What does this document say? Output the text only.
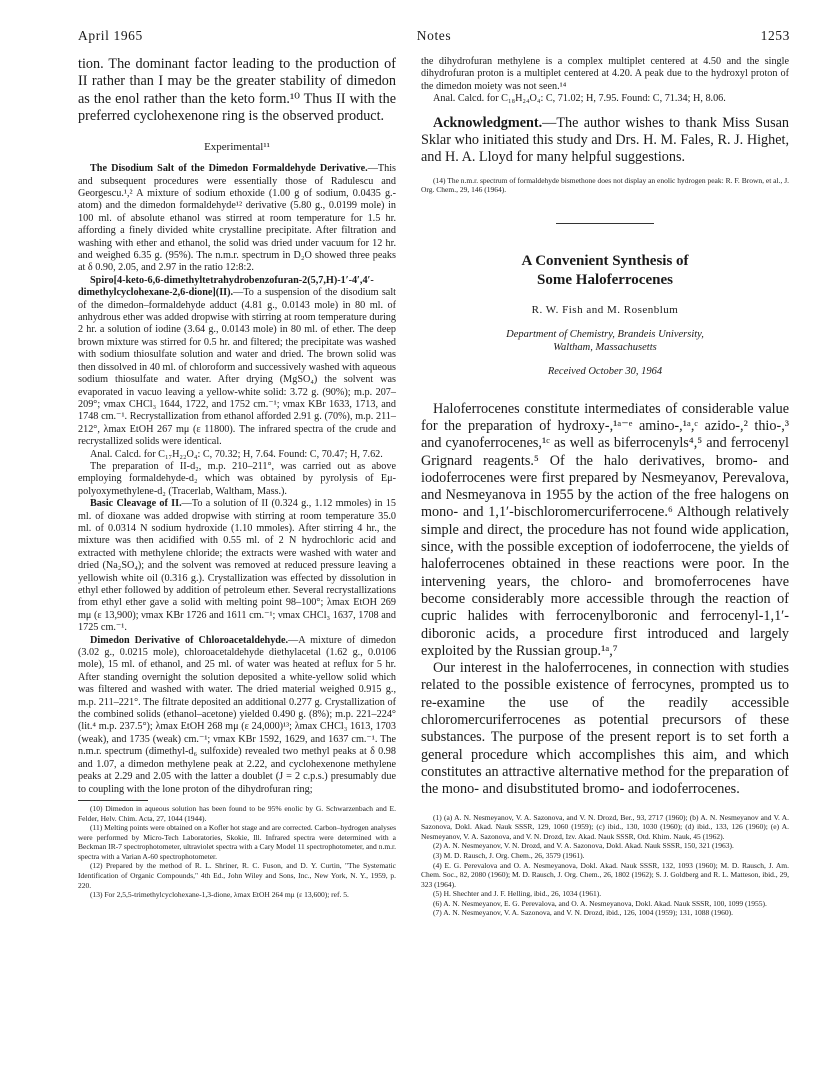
April 1965	Notes	1253

tion. The dominant factor leading to the production of II rather than I may be the greater stability of dimedon as the enol rather than the keto form.¹⁰ Thus II with the preferred cyclohexenone ring is the observed product.

Experimental¹¹

The Disodium Salt of the Dimedon Formaldehyde Derivative.—This and subsequent procedures were essentially those of Radulescu and Georgescu.¹,² A mixture of sodium ethoxide (1.00 g of sodium, 0.0435 g.-atom) and the dimedon formaldehyde¹² derivative (5.80 g., 0.0199 mole) in 100 ml. of absolute ethanol was stirred at room temperature for 1.5 hr. affording a finely divided white crystalline precipitate. After filtration and washing with ether and ethanol, the solid was dried under vacuum for 12 hr. and weighed 6.35 g. (95%). The n.m.r. spectrum in D₂O showed three peaks at δ 0.90, 2.05, and 2.97 in the ratio 12:8:2.

Spiro[4-keto-6,6-dimethyltetrahydrobenzofuran-2(5,7,H)-1′-4′,4′-dimethylcyclohexane-2,6-dione](II).—To a suspension of the disodium salt of the dimedon–formaldehyde adduct (4.81 g., 0.0143 mole) in 80 ml. of anhydrous ether was added dropwise with stirring at room temperature during 2 hr. a solution of iodine (3.64 g., 0.0143 mole) in 80 ml. of ether. The deep brown mixture was stirred for 0.5 hr. and filtered; the precipitate was washed with sodium thiosulfate solution and water and dried. The brown solid was then dissolved in 40 ml. of chloroform and successively washed with aqueous sodium thiosulfate and water. After drying (MgSO₄) the solvent was evaporated in vacuo leaving a yellow-white solid: 3.72 g. (90%); m.p. 207–209°; νmax CHCl₃ 1644, 1722, and 1752 cm.⁻¹; νmax KBr 1633, 1713, and 1748 cm.⁻¹. Recrystallization from ethanol afforded 2.91 g. (70%), m.p. 211–212°, λmax EtOH 267 mμ (ε 11800). The infrared spectra of the crude and recrystallized solids were identical.

Anal. Calcd. for C₁₇H₂₂O₄: C, 70.32; H, 7.64. Found: C, 70.47; H, 7.62.

The preparation of II-d₂, m.p. 210–211°, was carried out as above employing formaldehyde-d₂ which was obtained by pyrolysis of Eμ-polyoxymethylene-d₂ (Tracerlab, Waltham, Mass.).

Basic Cleavage of II.—To a solution of II (0.324 g., 1.12 mmoles) in 15 ml. of dioxane was added dropwise with stirring at room temperature 35.0 ml. of 0.0314 N sodium hydroxide (1.10 mmoles). After stirring 4 hr., the mixture was then acidified with 0.55 ml. of 2 N hydrochloric acid and extracted with methylene chloride; the extracts were washed with water and dried (Na₂SO₄); and the solvent was removed at reduced pressure leaving a yellowish white oil (0.316 g.). Crystallization was effected by dissolution in ethyl ether followed by addition of petroleum ether. Several recrystallizations from ethyl ether gave a solid with melting point 98–100°; λmax EtOH 269 mμ (ε 13,900); νmax KBr 1726 and 1611 cm.⁻¹; νmax CHCl₃ 1637, 1708 and 1725 cm.⁻¹.

Dimedon Derivative of Chloroacetaldehyde.—A mixture of dimedon (3.02 g., 0.0215 mole), chloroacetaldehyde diethylacetal (1.62 g., 0.0106 mole), 15 ml. of ethanol, and 25 ml. of water was heated at reflux for 5 hr. After standing overnight the solution deposited a white-yellow solid which was filtered and washed with water. The dried material weighed 0.915 g., m.p. 211–221°. The filtrate deposited an additional 0.277 g. Crystallization of the combined solids (ethanol–acetone) yielded 0.490 g. (8%); m.p. 221–224° (lit.⁴ m.p. 237.5°); λmax EtOH 268 mμ (ε 24,000)¹³; λmax CHCl₃ 1613, 1703 (weak), and 1735 (weak) cm.⁻¹; νmax KBr 1592, 1629, and 1637 cm.⁻¹. The n.m.r. spectrum (dimethyl-d₆ sulfoxide) revealed two methyl peaks at δ 0.98 and 1.07, a dimedon methylene peak at 2.22, and cyclohexenone methylene peaks at 2.29 and 2.05 with the latter a doublet (J = 2 c.p.s.) presumably due to coupling with the lone proton of the dihydrofuran ring;

(10) Dimedon in aqueous solution has been found to be 95% enolic by G. Schwarzenbach and E. Felder, Helv. Chim. Acta, 27, 1044 (1944).

(11) Melting points were obtained on a Kofler hot stage and are corrected. Carbon–hydrogen analyses were performed by Micro-Tech Laboratories, Skokie, Ill. Infrared spectra were determined with a Beckman IR-7 spectrophotometer, ultraviolet spectra with a Cary Model 11 spectrophotometer, and n.m.r. spectra with a Varian A-60 spectrophotometer.

(12) Prepared by the method of R. L. Shriner, R. C. Fuson, and D. Y. Curtin, "The Systematic Identification of Organic Compounds," 4th Ed., John Wiley and Sons, Inc., New York, N. Y., 1959, p. 220.

(13) For 2,5,5-trimethylcyclohexane-1,3-dione, λmax EtOH 264 mμ (ε 13,600); ref. 5.

the dihydrofuran methylene is a complex multiplet centered at 4.50 and the single dihydrofuran proton is a multiplet centered at 4.20. A peak due to the hydroxyl proton of the dimedon moiety was not seen.¹⁴

Anal. Calcd. for C₁₈H₂₄O₄: C, 71.02; H, 7.95. Found: C, 71.34; H, 8.06.

Acknowledgment.—The author wishes to thank Miss Susan Sklar who initiated this study and Drs. H. M. Fales, R. J. Highet, and H. A. Lloyd for many helpful suggestions.

(14) The n.m.r. spectrum of formaldehyde bismethone does not display an enolic hydrogen peak: R. F. Brown, et al., J. Org. Chem., 29, 146 (1964).

A Convenient Synthesis of
Some Haloferrocenes
R. W. Fish and M. Rosenblum
Department of Chemistry, Brandeis University,
Waltham, Massachusetts
Received October 30, 1964

Haloferrocenes constitute intermediates of considerable value for the preparation of hydroxy-,¹ᵃ⁻ᵉ amino-,¹ᵃ,ᶜ azido-,² thio-,³ and cyanoferrocenes,¹ᶜ as well as biferrocenyls⁴,⁵ and ferrocenyl Grignard reagents.⁵ Of the halo derivatives, bromo- and iodoferrocenes were first prepared by Nesmeyanov, Perevalova, and Nesmeyanova in 1955 by the action of the free halogens on mono- and 1,1′-bischloromercuriferrocene.⁶ Although relatively simple and direct, the procedure has not found wide application, since, with the possible exception of iodoferrocene, the yields of haloferrocenes obtained in these reactions were poor. In the intervening years, the chloro- and bromoferrocenes have become considerably more accessible through the reaction of cupric halides with ferrocenylboronic and ferrocenyl-1,1′-diboronic acids, a procedure first introduced and largely exploited by the Russian group.¹ᵃ,⁷

Our interest in the haloferrocenes, in connection with studies related to the possible existence of ferrocynes, prompted us to re-examine the use of the readily accessible chloromercuriferrocenes as potential precursors of these substances. The purpose of the present report is to set forth a general procedure which accomplishes this aim, and which constitutes an attractive alternative method for the preparation of the mono- and disubstituted bromo- and iodoferrocenes.

(1) (a) A. N. Nesmeyanov, V. A. Sazonova, and V. N. Drozd, Ber., 93, 2717 (1960); (b) A. N. Nesmeyanov and V. A. Sazonova, Dokl. Akad. Nauk SSSR, 129, 1060 (1959); (c) ibid., 130, 1030 (1960); (d) ibid., 133, 126 (1960); (e) A. Nesmeyanov, V. A. Sazonova, and V. N. Drozd, Izv. Akad. Nauk SSSR, Otd. Khim. Nauk, 45 (1962).

(2) A. N. Nesmeyanov, V. N. Drozd, and V. A. Sazonova, Dokl. Akad. Nauk SSSR, 150, 321 (1963).

(3) M. D. Rausch, J. Org. Chem., 26, 3579 (1961).

(4) E. G. Perevalova and O. A. Nesmeyanova, Dokl. Akad. Nauk SSSR, 132, 1093 (1960); M. D. Rausch, J. Am. Chem. Soc., 82, 2080 (1960); M. D. Rausch, J. Org. Chem., 26, 1802 (1962); S. J. Goldberg and R. L. Matteson, ibid., 29, 323 (1964).

(5) H. Shechter and J. F. Helling, ibid., 26, 1034 (1961).

(6) A. N. Nesmeyanov, E. G. Perevalova, and O. A. Nesmeyanova, Dokl. Akad. Nauk SSSR, 100, 1099 (1955).

(7) A. N. Nesmeyanov, V. A. Sazonova, and V. N. Drozd, ibid., 126, 1004 (1959); 131, 1088 (1960).
